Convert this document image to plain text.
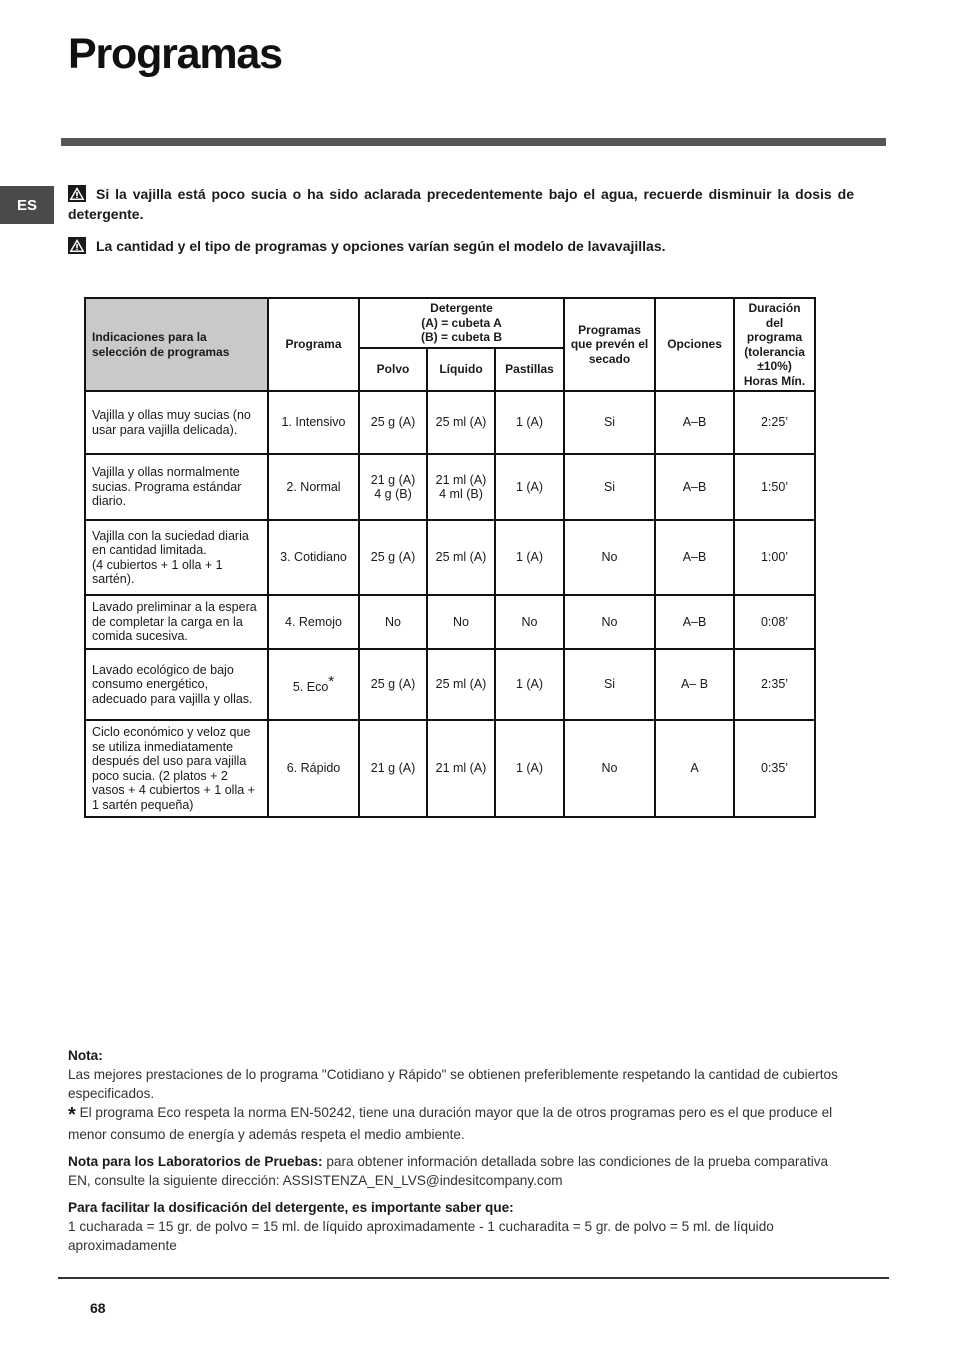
Programas
ES
Si la vajilla está poco sucia o ha sido aclarada precedentemente bajo el agua, recuerde disminuir la dosis de detergente.
La cantidad y el tipo de programas y opciones varían según el modelo de lavavajillas.
Indicaciones para la selección de programas	Programa	Detergente
(A) = cubeta A
(B) = cubeta B			Programas que prevén el secado	Opciones	Duración del programa (tolerancia ±10%) Horas Mín.
		Polvo	Líquido	Pastillas			
Vajilla y ollas muy sucias (no usar para vajilla delicada).	1. Intensivo	25 g (A)	25 ml (A)	1 (A)	Si	A–B	2:25’
Vajilla y ollas normalmente sucias. Programa estándar diario.	2. Normal	21 g (A)
4 g (B)	21 ml (A)
4 ml (B)	1 (A)	Si	A–B	1:50’
Vajilla con la suciedad diaria en cantidad limitada.
(4 cubiertos + 1 olla + 1 sartén).	3. Cotidiano	25 g (A)	25 ml (A)	1 (A)	No	A–B	1:00’
Lavado preliminar a la espera de completar la carga en la comida sucesiva.	4. Remojo	No	No	No	No	A–B	0:08’
Lavado ecológico de bajo consumo energético, adecuado para vajilla y ollas.	5. Eco*	25 g (A)	25 ml (A)	1 (A)	Si	A– B	2:35’
Ciclo económico y veloz que se utiliza inmediatamente después del uso para vajilla poco sucia. (2 platos + 2 vasos + 4 cubiertos + 1 olla + 1 sartén pequeña)	6. Rápido	21 g (A)	21 ml (A)	1 (A)	No	A	0:35’

Nota:

Las mejores prestaciones de lo programa "Cotidiano y Rápido" se obtienen preferiblemente respetando la cantidad de cubiertos especificados.

* El programa Eco respeta la norma EN-50242, tiene una duración mayor que la de otros programas pero es el que produce el menor consumo de energía y además respeta el medio ambiente.

Nota para los Laboratorios de Pruebas: para obtener información detallada sobre las condiciones de la prueba comparativa EN, consulte la siguiente dirección: ASSISTENZA_EN_LVS@indesitcompany.com

Para facilitar la dosificación del detergente, es importante saber que:

1 cucharada = 15 gr. de polvo = 15 ml. de líquido aproximadamente - 1 cucharadita = 5 gr. de polvo = 5 ml. de líquido aproximadamente

68
